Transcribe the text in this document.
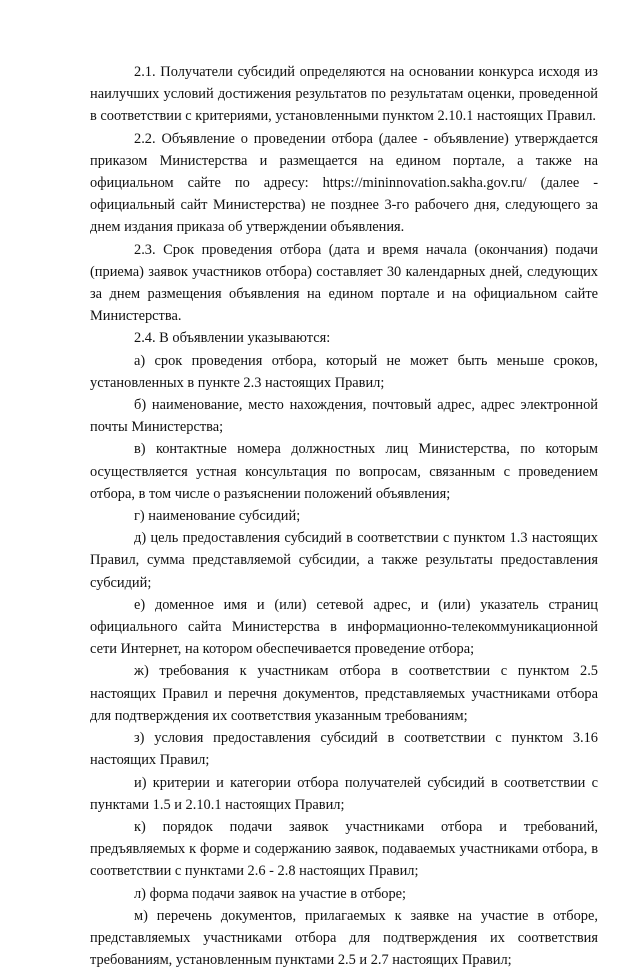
2.1. Получатели субсидий определяются на основании конкурса исходя из наилучших условий достижения результатов по результатам оценки, проведенной в соответствии с критериями, установленными пунктом 2.10.1 настоящих Правил.

2.2. Объявление о проведении отбора (далее - объявление) утверждается приказом Министерства и размещается на едином портале, а также на официальном сайте по адресу: https://mininnovation.sakha.gov.ru/ (далее - официальный сайт Министерства) не позднее 3-го рабочего дня, следующего за днем издания приказа об утверждении объявления.

2.3. Срок проведения отбора (дата и время начала (окончания) подачи (приема) заявок участников отбора) составляет 30 календарных дней, следующих за днем размещения объявления на едином портале и на официальном сайте Министерства.

2.4. В объявлении указываются:

а) срок проведения отбора, который не может быть меньше сроков, установленных в пункте 2.3 настоящих Правил;

б) наименование, место нахождения, почтовый адрес, адрес электронной почты Министерства;

в) контактные номера должностных лиц Министерства, по которым осуществляется устная консультация по вопросам, связанным с проведением отбора, в том числе о разъяснении положений объявления;

г) наименование субсидий;

д) цель предоставления субсидий в соответствии с пунктом 1.3 настоящих Правил, сумма представляемой субсидии, а также результаты предоставления субсидий;

е) доменное имя и (или) сетевой адрес, и (или) указатель страниц официального сайта Министерства в информационно-телекоммуникационной сети Интернет, на котором обеспечивается проведение отбора;

ж) требования к участникам отбора в соответствии с пунктом 2.5 настоящих Правил и перечня документов, представляемых участниками отбора для подтверждения их соответствия указанным требованиям;

з) условия предоставления субсидий в соответствии с пунктом 3.16 настоящих Правил;

и) критерии и категории отбора получателей субсидий в соответствии с пунктами 1.5 и 2.10.1 настоящих Правил;

к) порядок подачи заявок участниками отбора и требований, предъявляемых к форме и содержанию заявок, подаваемых участниками отбора, в соответствии с пунктами 2.6 - 2.8 настоящих Правил;

л) форма подачи заявок на участие в отборе;

м) перечень документов, прилагаемых к заявке на участие в отборе, представляемых участниками отбора для подтверждения их соответствия требованиям, установленным пунктами 2.5 и 2.7 настоящих Правил;
